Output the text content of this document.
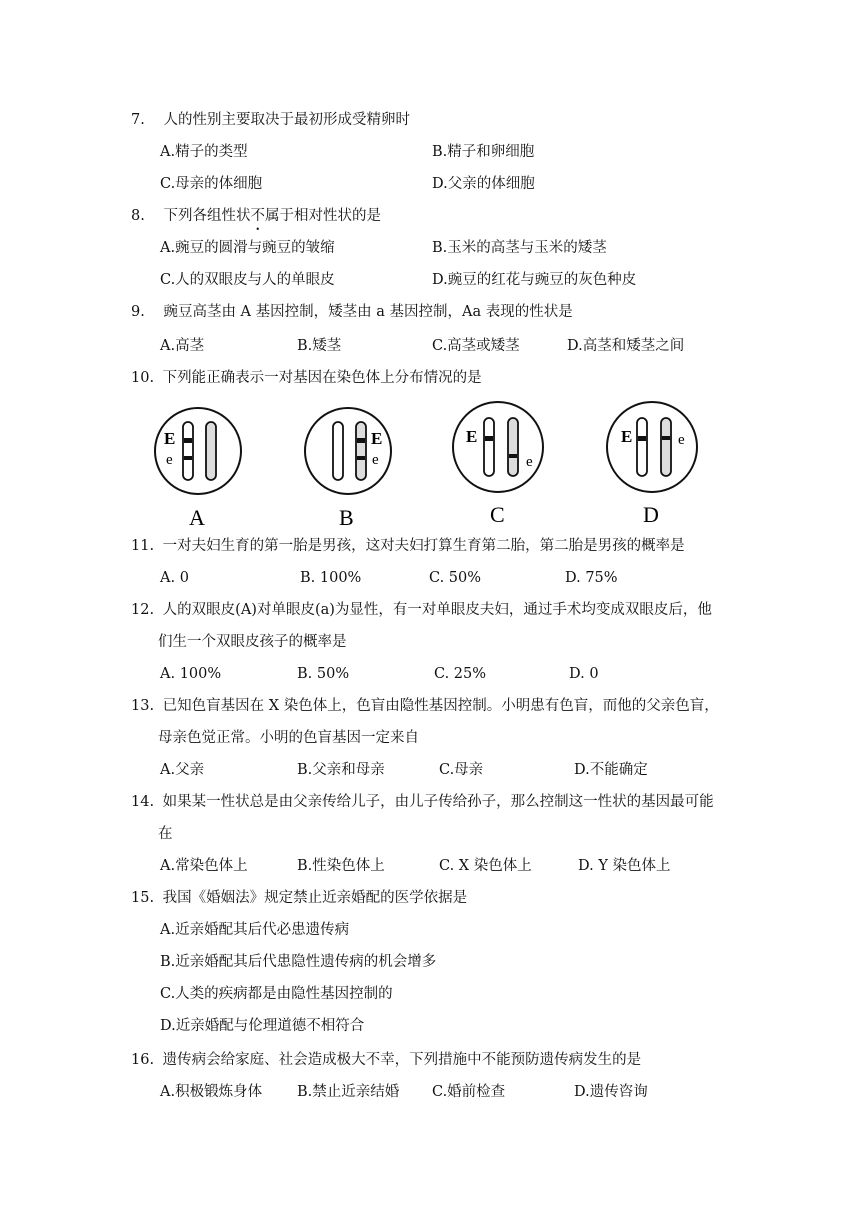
7. 人的性别主要取决于最初形成受精卵时
A.精子的类型	B.精子和卵细胞
C.母亲的体细胞	D.父亲的体细胞
8. 下列各组性状不属于相对性状的是
A.豌豆的圆滑与豌豆的皱缩	B.玉米的高茎与玉米的矮茎
C.人的双眼皮与人的单眼皮	D.豌豆的红花与豌豆的灰色种皮
9. 豌豆高茎由 A 基因控制，矮茎由 a 基因控制，Aa 表现的性状是
A.高茎	B.矮茎	C.高茎或矮茎	D.高茎和矮茎之间
10. 下列能正确表示一对基因在染色体上分布情况的是
E
e
A
E
e
B
E
e
C
E	e
D
11. 一对夫妇生育的第一胎是男孩，这对夫妇打算生育第二胎，第二胎是男孩的概率是
A. 0	B. 100%	C. 50%	D. 75%
12. 人的双眼皮(A)对单眼皮(a)为显性，有一对单眼皮夫妇，通过手术均变成双眼皮后，他
们生一个双眼皮孩子的概率是
A. 100%	B. 50%	C. 25%	D. 0
13. 已知色盲基因在 X 染色体上，色盲由隐性基因控制。小明患有色盲，而他的父亲色盲，
母亲色觉正常。小明的色盲基因一定来自
A.父亲	B.父亲和母亲	C.母亲	D.不能确定
14. 如果某一性状总是由父亲传给儿子，由儿子传给孙子，那么控制这一性状的基因最可能
在
A.常染色体上	B.性染色体上	C. X 染色体上	D. Y 染色体上
15. 我国《婚姻法》规定禁止近亲婚配的医学依据是
A.近亲婚配其后代必患遗传病
B.近亲婚配其后代患隐性遗传病的机会增多
C.人类的疾病都是由隐性基因控制的
D.近亲婚配与伦理道德不相符合
16. 遗传病会给家庭、社会造成极大不幸，下列措施中不能预防遗传病发生的是
A.积极锻炼身体 B.禁止近亲结婚 C.婚前检查	D.遗传咨询
